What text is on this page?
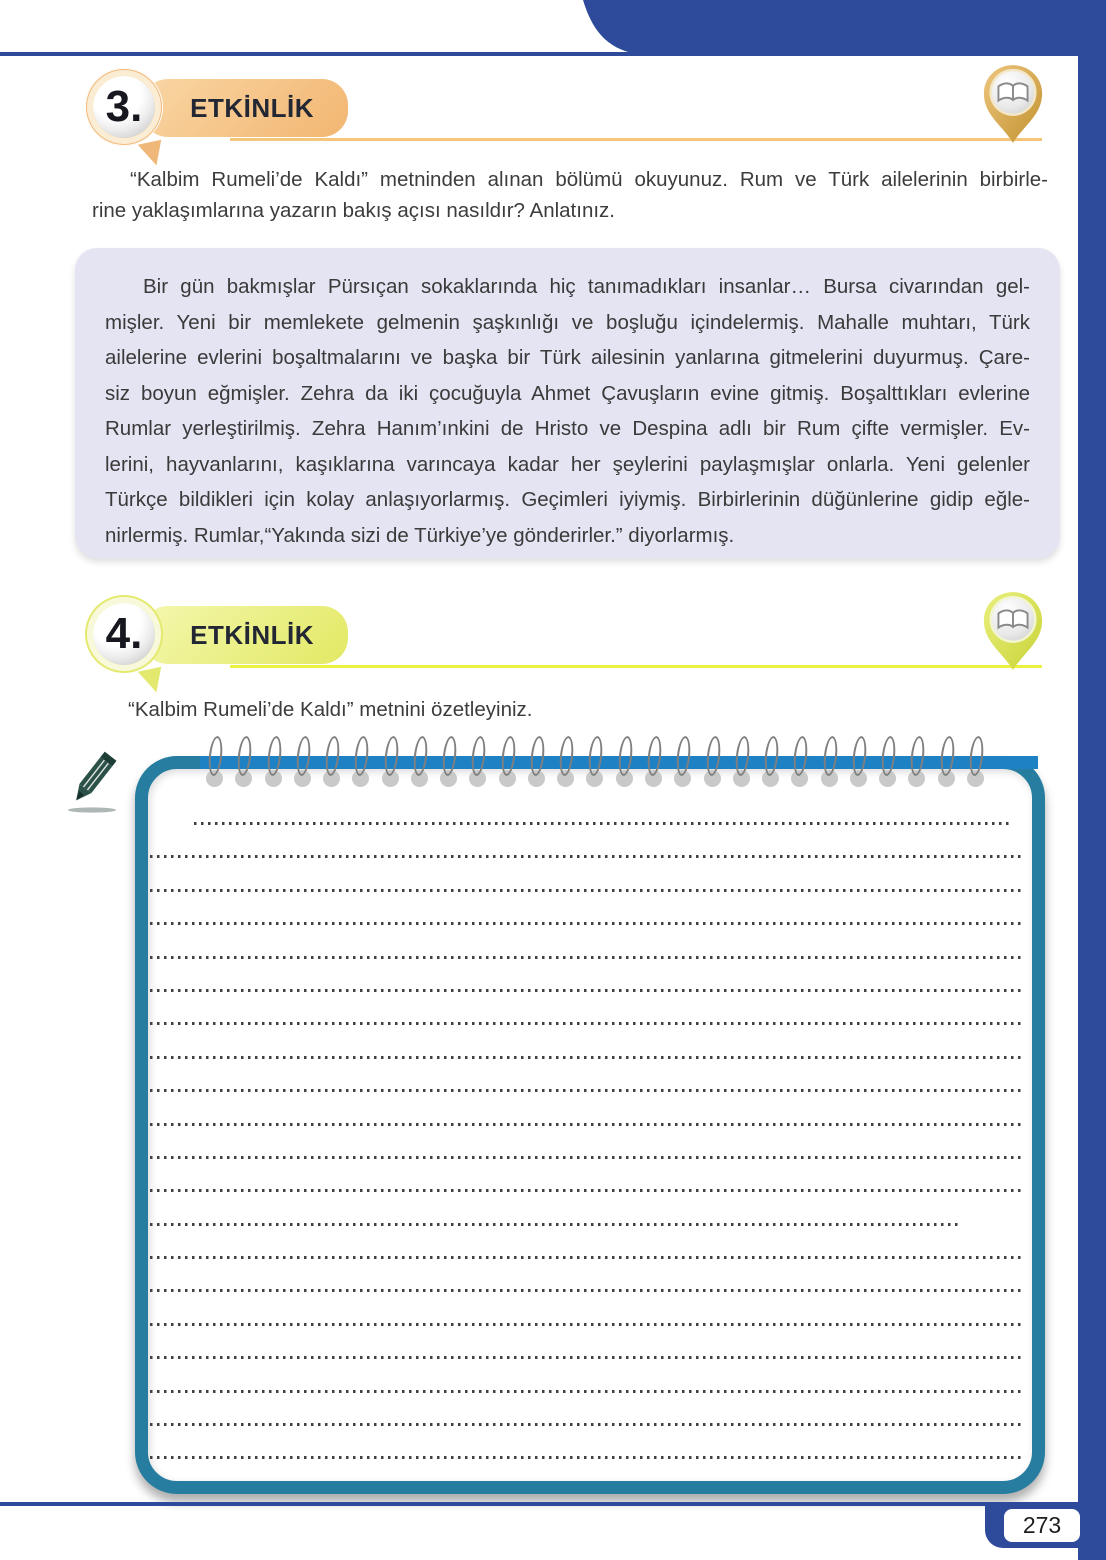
ETKİNLİK
3.
“Kalbim Rumeli’de Kaldı” metninden alınan bölümü okuyunuz. Rum ve Türk ailelerinin birbirle-
rine yaklaşımlarına yazarın bakış açısı nasıldır? Anlatınız.
Bir gün bakmışlar Pürsıçan sokaklarında hiç tanımadıkları insanlar… Bursa civarından gel-
mişler. Yeni bir memlekete gelmenin şaşkınlığı ve boşluğu içindelermiş. Mahalle muhtarı, Türk
ailelerine evlerini boşaltmalarını ve başka bir Türk ailesinin yanlarına gitmelerini duyurmuş. Çare-
siz boyun eğmişler. Zehra da iki çocuğuyla Ahmet Çavuşların evine gitmiş. Boşalttıkları evlerine
Rumlar yerleştirilmiş. Zehra Hanım’ınkini de Hristo ve Despina adlı bir Rum çifte vermişler. Ev-
lerini, hayvanlarını, kaşıklarına varıncaya kadar her şeylerini paylaşmışlar onlarla. Yeni gelenler
Türkçe bildikleri için kolay anlaşıyorlarmış. Geçimleri iyiymiş. Birbirlerinin düğünlerine gidip eğle-
nirlermiş. Rumlar,“Yakında sizi de Türkiye’ye gönderirler.” diyorlarmış.
ETKİNLİK
4.
“Kalbim Rumeli’de Kaldı” metnini özetleyiniz.
273
